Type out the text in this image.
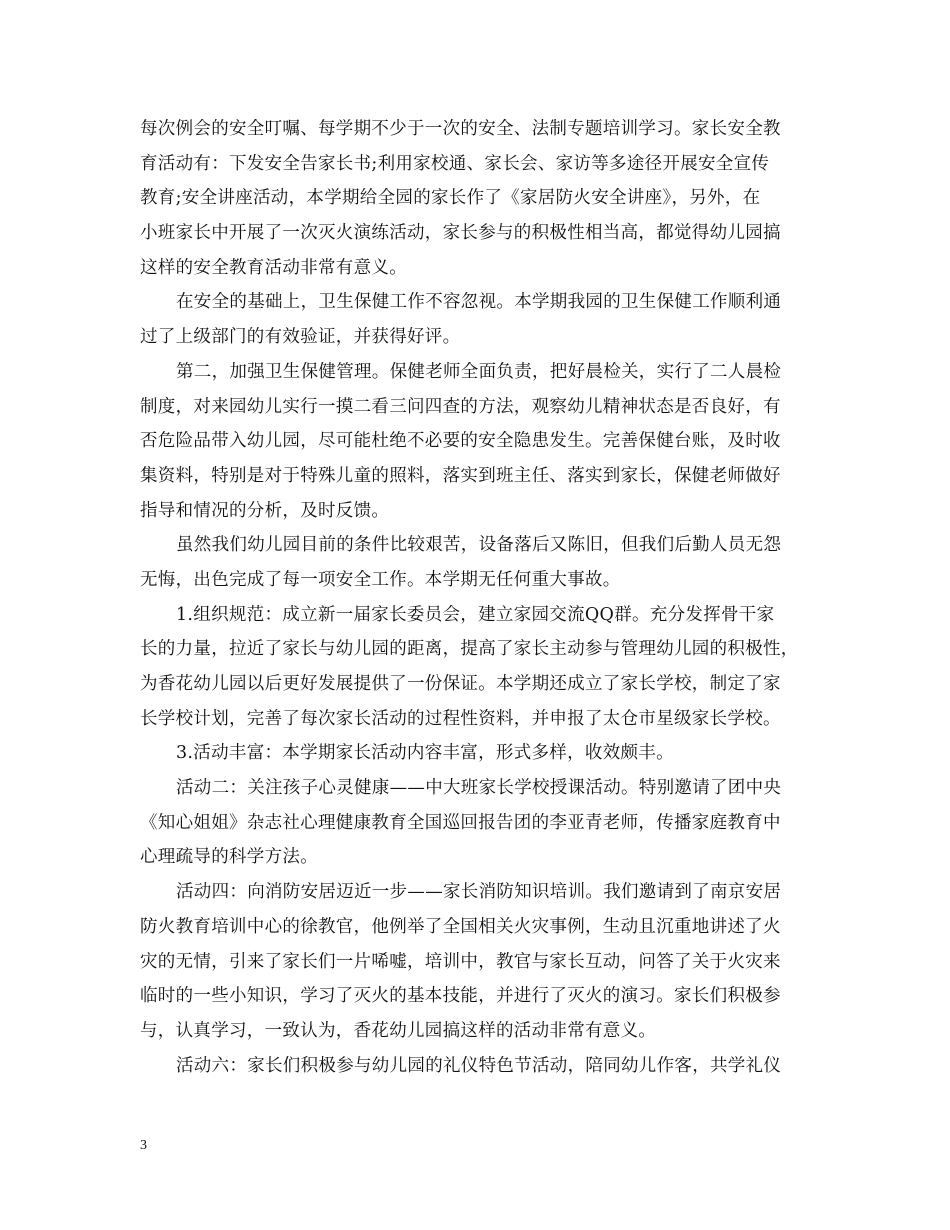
每次例会的安全叮嘱、每学期不少于一次的安全、法制专题培训学习。家长安全教
育活动有：下发安全告家长书;利用家校通、家长会、家访等多途径开展安全宣传
教育;安全讲座活动，本学期给全园的家长作了《家居防火安全讲座》，另外，在
小班家长中开展了一次灭火演练活动，家长参与的积极性相当高，都觉得幼儿园搞
这样的安全教育活动非常有意义。
在安全的基础上，卫生保健工作不容忽视。本学期我园的卫生保健工作顺利通
过了上级部门的有效验证，并获得好评。
第二，加强卫生保健管理。保健老师全面负责，把好晨检关，实行了二人晨检
制度，对来园幼儿实行一摸二看三问四查的方法，观察幼儿精神状态是否良好，有
否危险品带入幼儿园，尽可能杜绝不必要的安全隐患发生。完善保健台账，及时收
集资料，特别是对于特殊儿童的照料，落实到班主任、落实到家长，保健老师做好
指导和情况的分析，及时反馈。
虽然我们幼儿园目前的条件比较艰苦，设备落后又陈旧，但我们后勤人员无怨
无悔，出色完成了每一项安全工作。本学期无任何重大事故。
1.组织规范：成立新一届家长委员会，建立家园交流QQ群。充分发挥骨干家
长的力量，拉近了家长与幼儿园的距离，提高了家长主动参与管理幼儿园的积极性，
为香花幼儿园以后更好发展提供了一份保证。本学期还成立了家长学校，制定了家
长学校计划，完善了每次家长活动的过程性资料，并申报了太仓市星级家长学校。
3.活动丰富：本学期家长活动内容丰富，形式多样，收效颇丰。
活动二：关注孩子心灵健康——中大班家长学校授课活动。特别邀请了团中央
《知心姐姐》杂志社心理健康教育全国巡回报告团的李亚青老师，传播家庭教育中
心理疏导的科学方法。
活动四：向消防安居迈近一步——家长消防知识培训。我们邀请到了南京安居
防火教育培训中心的徐教官，他例举了全国相关火灾事例，生动且沉重地讲述了火
灾的无情，引来了家长们一片唏嘘，培训中，教官与家长互动，问答了关于火灾来
临时的一些小知识，学习了灭火的基本技能，并进行了灭火的演习。家长们积极参
与，认真学习，一致认为，香花幼儿园搞这样的活动非常有意义。
活动六：家长们积极参与幼儿园的礼仪特色节活动，陪同幼儿作客，共学礼仪
3
